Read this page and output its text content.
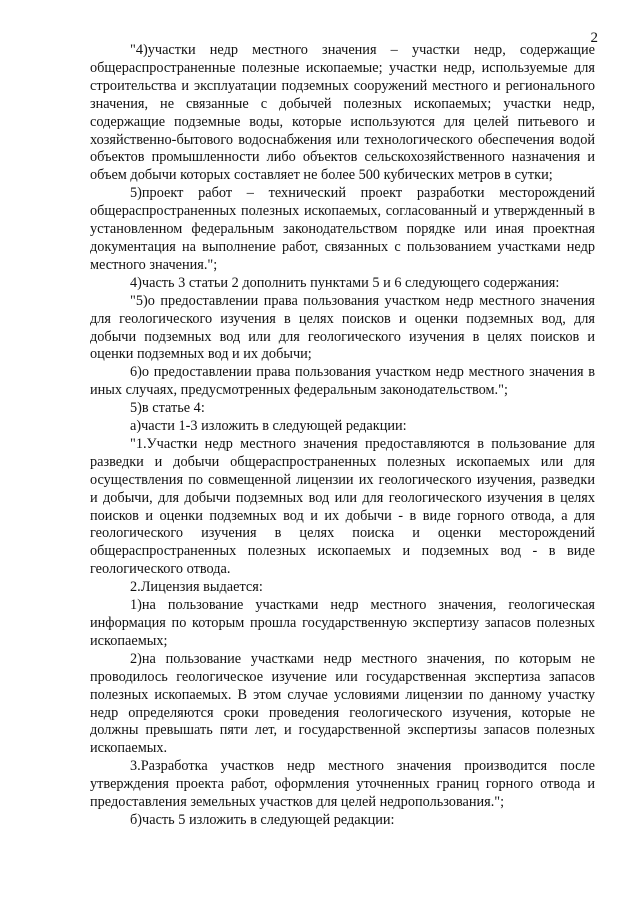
2

"4)участки недр местного значения – участки недр, содержащие общераспространенные полезные ископаемые; участки недр, используемые для строительства и эксплуатации подземных сооружений местного и регионального значения, не связанные с добычей полезных ископаемых; участки недр, содержащие подземные воды, которые используются для целей питьевого и хозяйственно-бытового водоснабжения или технологического обеспечения водой объектов промышленности либо объектов сельскохозяйственного назначения и объем добычи которых составляет не более 500 кубических метров в сутки;

5)проект работ – технический проект разработки месторождений общераспространенных полезных ископаемых, согласованный и утвержденный в установленном федеральным законодательством порядке или иная проектная документация на выполнение работ, связанных с пользованием участками недр местного значения.";

4)часть 3 статьи 2 дополнить пунктами 5 и 6 следующего содержания:

"5)о предоставлении права пользования участком недр местного значения для геологического изучения в целях поисков и оценки подземных вод, для добычи подземных вод или для геологического изучения в целях поисков и оценки подземных вод и их добычи;

6)о предоставлении права пользования участком недр местного значения в иных случаях, предусмотренных федеральным законодательством.";

5)в статье 4:

а)части 1-3 изложить в следующей редакции:

"1.Участки недр местного значения предоставляются в пользование для разведки и добычи общераспространенных полезных ископаемых или для осуществления по совмещенной лицензии их геологического изучения, разведки и добычи, для добычи подземных вод или для геологического изучения в целях поисков и оценки подземных вод и их добычи - в виде горного отвода, а для геологического изучения в целях поиска и оценки месторождений общераспространенных полезных ископаемых и подземных вод - в виде геологического отвода.

2.Лицензия выдается:

1)на пользование участками недр местного значения, геологическая информация по которым прошла государственную экспертизу запасов полезных ископаемых;

2)на пользование участками недр местного значения, по которым не проводилось геологическое изучение или государственная экспертиза запасов полезных ископаемых. В этом случае условиями лицензии по данному участку недр определяются сроки проведения геологического изучения, которые не должны превышать пяти лет, и государственной экспертизы запасов полезных ископаемых.

3.Разработка участков недр местного значения производится после утверждения проекта работ, оформления уточненных границ горного отвода и предоставления земельных участков для целей недропользования.";

б)часть 5 изложить в следующей редакции:
